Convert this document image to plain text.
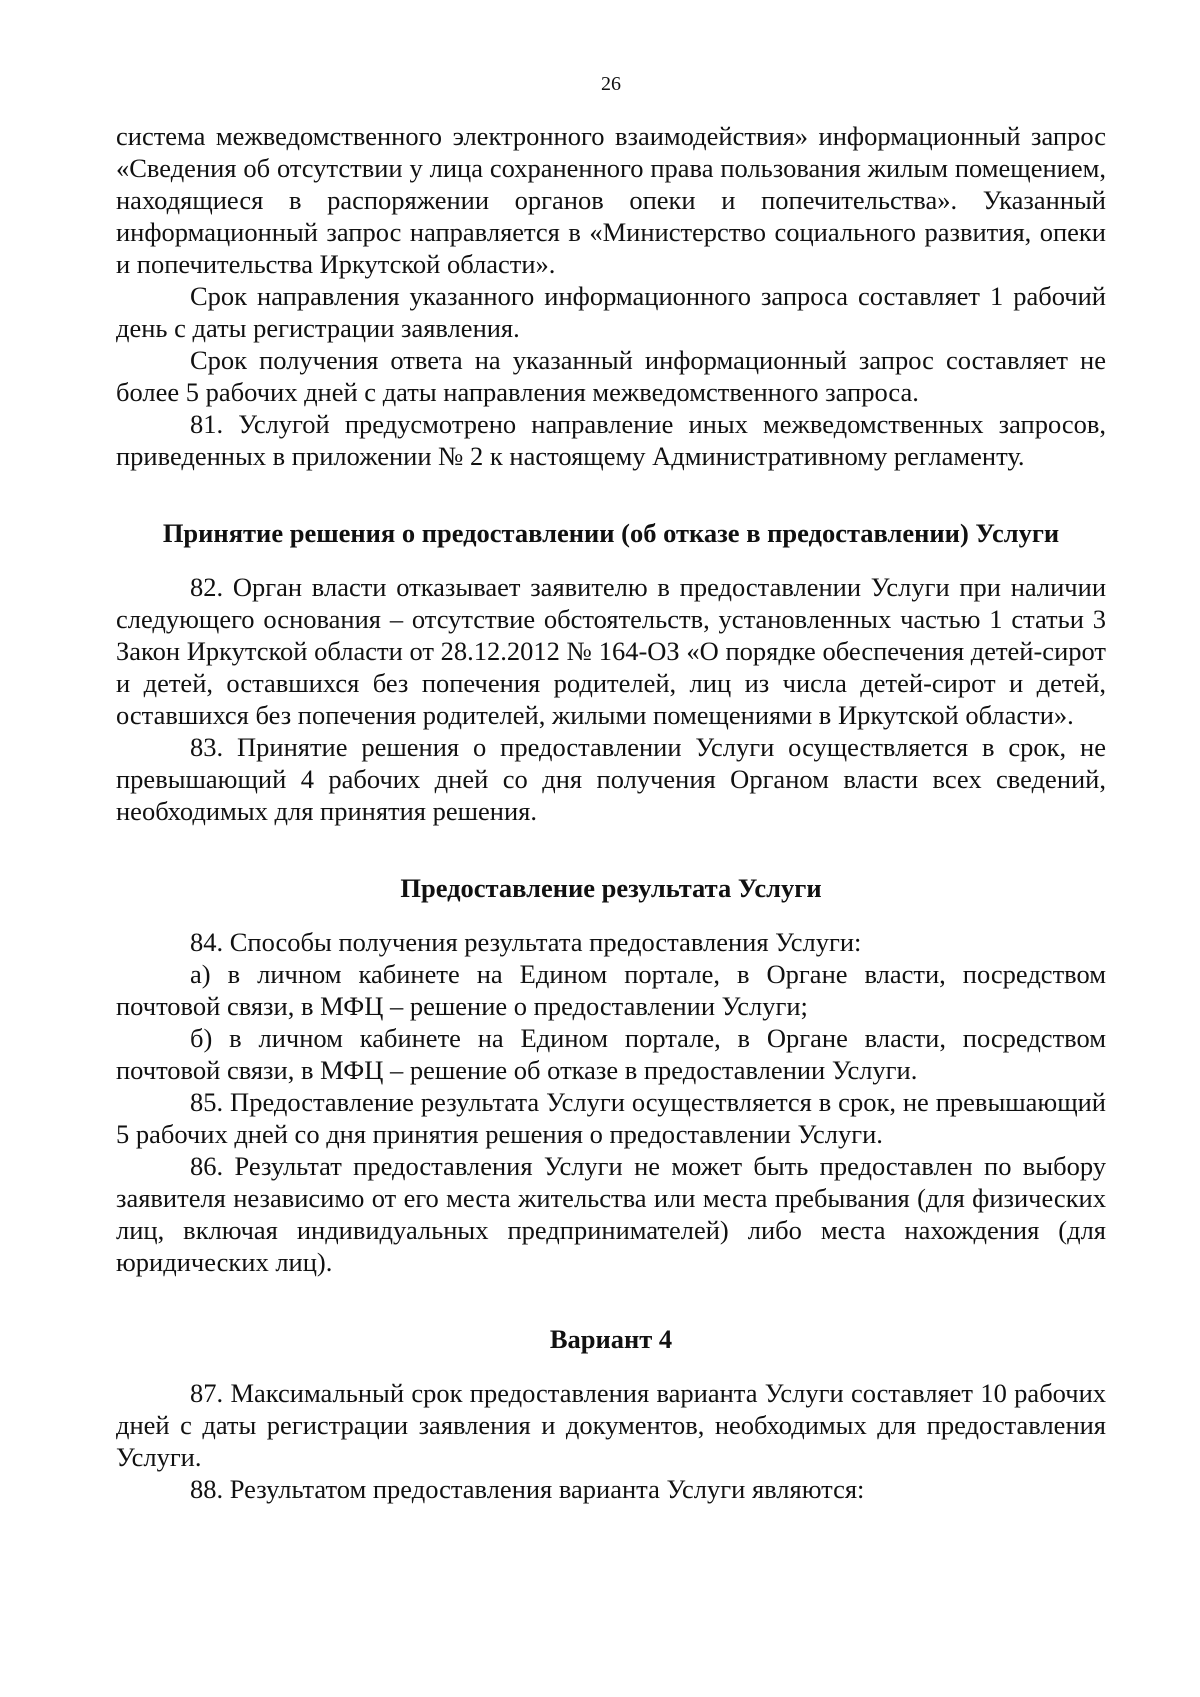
26

система межведомственного электронного взаимодействия» информационный запрос «Сведения об отсутствии у лица сохраненного права пользования жилым помещением, находящиеся в распоряжении органов опеки и попечительства». Указанный информационный запрос направляется в «Министерство социального развития, опеки и попечительства Иркутской области».

Срок направления указанного информационного запроса составляет 1 рабочий день с даты регистрации заявления.

Срок получения ответа на указанный информационный запрос составляет не более 5 рабочих дней с даты направления межведомственного запроса.

81. Услугой предусмотрено направление иных межведомственных запросов, приведенных в приложении № 2 к настоящему Административному регламенту.

Принятие решения о предоставлении (об отказе в предоставлении) Услуги

82. Орган власти отказывает заявителю в предоставлении Услуги при наличии следующего основания – отсутствие обстоятельств, установленных частью 1 статьи 3 Закон Иркутской области от 28.12.2012 № 164-ОЗ «О порядке обеспечения детей-сирот и детей, оставшихся без попечения родителей, лиц из числа детей-сирот и детей, оставшихся без попечения родителей, жилыми помещениями в Иркутской области».

83. Принятие решения о предоставлении Услуги осуществляется в срок, не превышающий 4 рабочих дней со дня получения Органом власти всех сведений, необходимых для принятия решения.

Предоставление результата Услуги

84. Способы получения результата предоставления Услуги:

а) в личном кабинете на Едином портале, в Органе власти, посредством почтовой связи, в МФЦ – решение о предоставлении Услуги;

б) в личном кабинете на Едином портале, в Органе власти, посредством почтовой связи, в МФЦ – решение об отказе в предоставлении Услуги.

85. Предоставление результата Услуги осуществляется в срок, не превышающий 5 рабочих дней со дня принятия решения о предоставлении Услуги.

86. Результат предоставления Услуги не может быть предоставлен по выбору заявителя независимо от его места жительства или места пребывания (для физических лиц, включая индивидуальных предпринимателей) либо места нахождения (для юридических лиц).

Вариант 4

87. Максимальный срок предоставления варианта Услуги составляет 10 рабочих дней с даты регистрации заявления и документов, необходимых для предоставления Услуги.

88. Результатом предоставления варианта Услуги являются:
